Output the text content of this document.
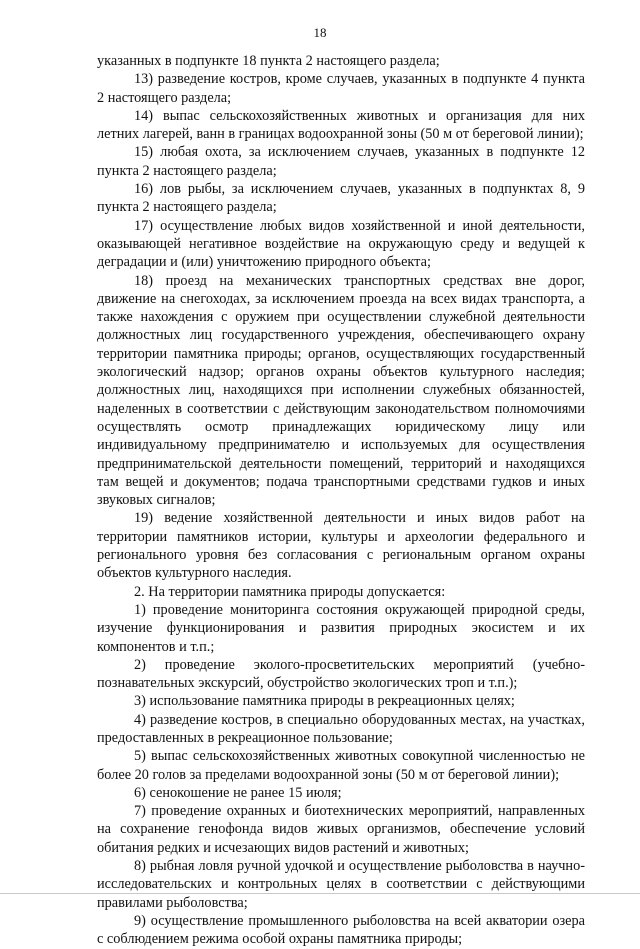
18

указанных в подпункте 18 пункта 2 настоящего раздела;

13) разведение костров, кроме случаев, указанных в подпункте 4 пункта 2 настоящего раздела;

14) выпас сельскохозяйственных животных и организация для них летних лагерей, ванн в границах водоохранной зоны (50 м от береговой линии);

15) любая охота, за исключением случаев, указанных в подпункте 12 пункта 2 настоящего раздела;

16) лов рыбы, за исключением случаев, указанных в подпунктах 8, 9 пункта 2 настоящего раздела;

17) осуществление любых видов хозяйственной и иной деятельности, оказывающей негативное воздействие на окружающую среду и ведущей к деградации и (или) уничтожению природного объекта;

18) проезд на механических транспортных средствах вне дорог, движение на снегоходах, за исключением проезда на всех видах транспорта, а также нахождения с оружием при осуществлении служебной деятельности должностных лиц государственного учреждения, обеспечивающего охрану территории памятника природы; органов, осуществляющих государственный экологический надзор; органов охраны объектов культурного наследия; должностных лиц, находящихся при исполнении служебных обязанностей, наделенных в соответствии с действующим законодательством полномочиями осуществлять осмотр принадлежащих юридическому лицу или индивидуальному предпринимателю и используемых для осуществления предпринимательской деятельности помещений, территорий и находящихся там вещей и документов; подача транспортными средствами гудков и иных звуковых сигналов;

19) ведение хозяйственной деятельности и иных видов работ на территории памятников истории, культуры и археологии федерального и регионального уровня без согласования с региональным органом охраны объектов культурного наследия.

2. На территории памятника природы допускается:

1) проведение мониторинга состояния окружающей природной среды, изучение функционирования и развития природных экосистем и их компонентов и т.п.;

2) проведение эколого-просветительских мероприятий (учебно-познавательных экскурсий, обустройство экологических троп и т.п.);

3) использование памятника природы в рекреационных целях;

4) разведение костров, в специально оборудованных местах, на участках, предоставленных в рекреационное пользование;

5) выпас сельскохозяйственных животных совокупной численностью не более 20 голов за пределами водоохранной зоны (50 м от береговой линии);

6) сенокошение не ранее 15 июля;

7) проведение охранных и биотехнических мероприятий, направленных на сохранение генофонда видов живых организмов, обеспечение условий обитания редких и исчезающих видов растений и животных;

8) рыбная ловля ручной удочкой и осуществление рыболовства в научно-исследовательских и контрольных целях в соответствии с действующими правилами рыболовства;

9) осуществление промышленного рыболовства на всей акватории озера с соблюдением режима особой охраны памятника природы;
